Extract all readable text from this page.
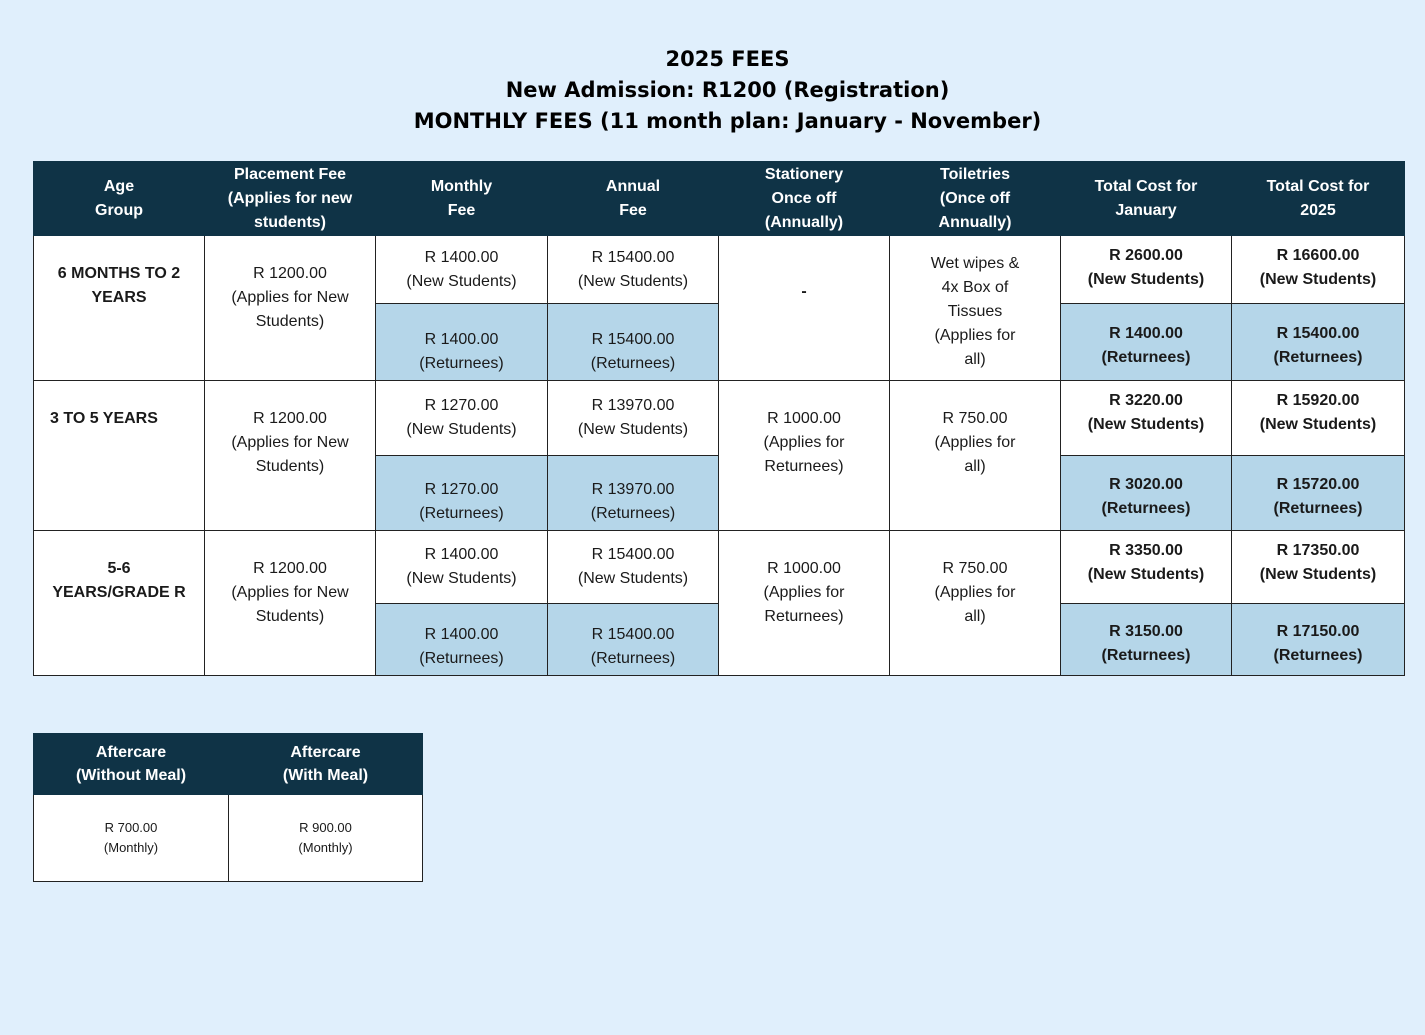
2025 FEES
New Admission: R1200 (Registration)
MONTHLY FEES (11 month plan: January - November)
Age
Group	Placement Fee
(Applies for new
students)	Monthly
Fee	Annual
Fee	Stationery
Once off
(Annually)	Toiletries
(Once off
Annually)	Total Cost for
January	Total Cost for
2025
6 MONTHS TO 2
YEARS	R 1200.00
(Applies for New
Students)	R 1400.00
(New Students)	R 15400.00
(New Students)	-	Wet wipes &
4x Box of
Tissues
(Applies for
all)	R 2600.00
(New Students)	R 16600.00
(New Students)
		R 1400.00
(Returnees)	R 15400.00
(Returnees)			R 1400.00
(Returnees)	R 15400.00
(Returnees)
3 TO 5 YEARS	R 1200.00
(Applies for New
Students)	R 1270.00
(New Students)	R 13970.00
(New Students)	R 1000.00
(Applies for
Returnees)	R 750.00
(Applies for
all)	R 3220.00
(New Students)	R 15920.00
(New Students)
		R 1270.00
(Returnees)	R 13970.00
(Returnees)			R 3020.00
(Returnees)	R 15720.00
(Returnees)
5-6
YEARS/GRADE R	R 1200.00
(Applies for New
Students)	R 1400.00
(New Students)	R 15400.00
(New Students)	R 1000.00
(Applies for
Returnees)	R 750.00
(Applies for
all)	R 3350.00
(New Students)	R 17350.00
(New Students)
		R 1400.00
(Returnees)	R 15400.00
(Returnees)			R 3150.00
(Returnees)	R 17150.00
(Returnees)
Aftercare
(Without Meal)	Aftercare
(With Meal)
R 700.00
(Monthly)	R 900.00
(Monthly)
